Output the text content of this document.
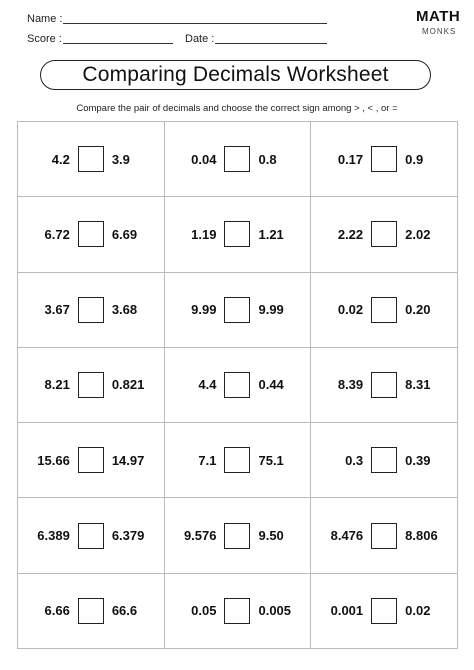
Name :
Score :	Date :
MATH
MONKS
Comparing Decimals Worksheet
Compare the pair of decimals and choose the correct sign among > , < , or =
4.2	3.9	0.04	0.8	0.17	0.9
6.72	6.69	1.19	1.21	2.22	2.02
3.67	3.68	9.99	9.99	0.02	0.20
8.21	0.821	4.4	0.44	8.39	8.31
15.66	14.97	7.1	75.1	0.3	0.39
6.389	6.379	9.576	9.50	8.476	8.806
6.66	66.6	0.05	0.005	0.001	0.02
